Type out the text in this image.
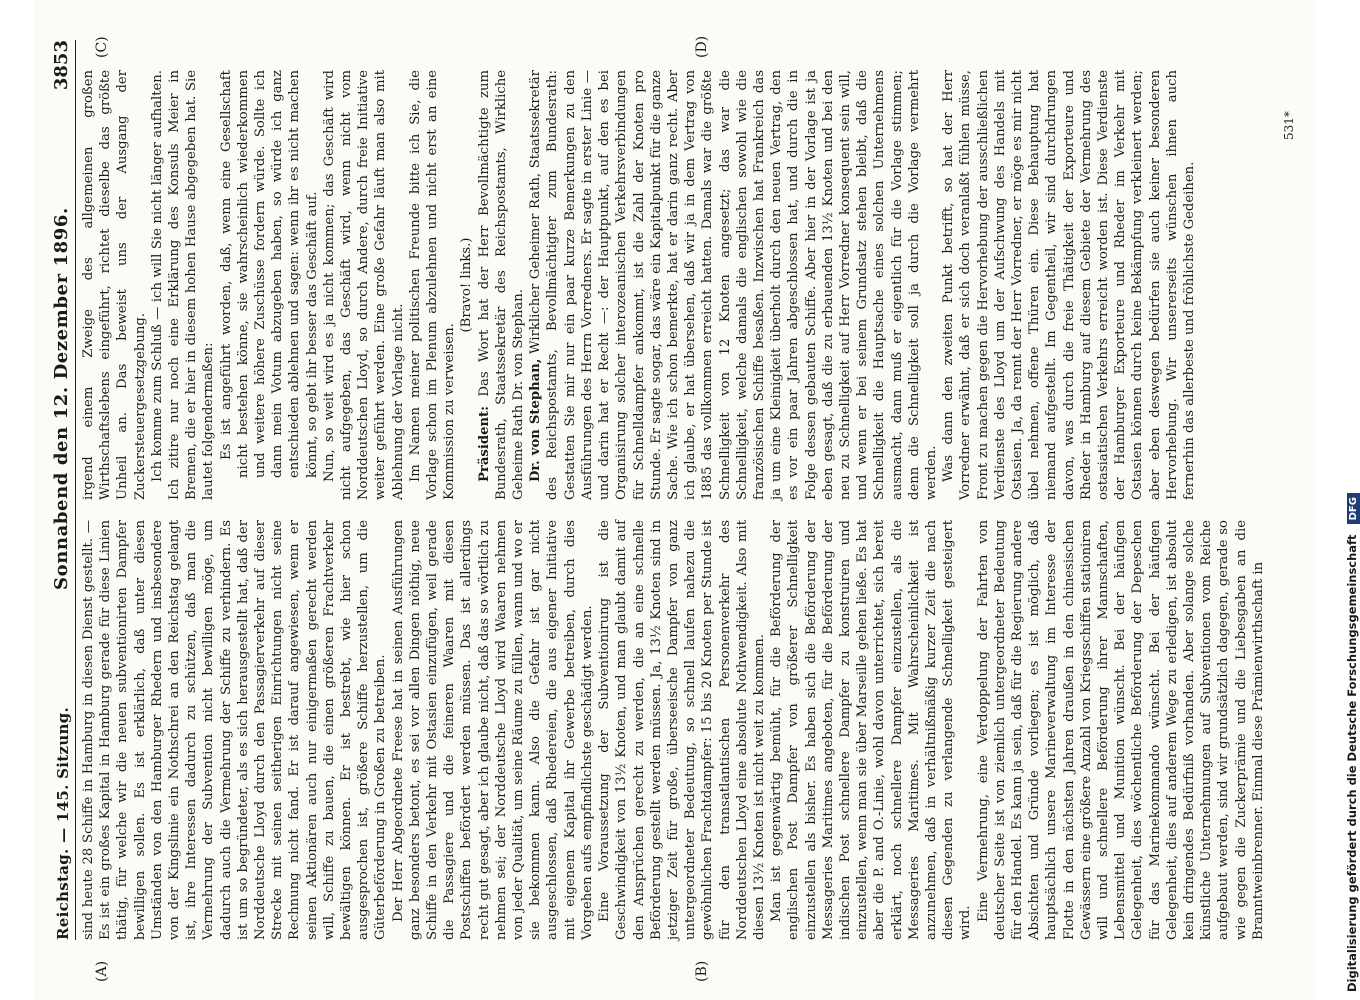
Reichstag. — 145. Sitzung.
Sonnabend den 12. Dezember 1896.
3853
(A)	(B)
(C)	(D)

sind heute 28 Schiffe in Hamburg in diesen Dienst gestellt. — Es ist ein großes Kapital in Hamburg gerade für diese Linien thätig, für welche wir die neuen subventionirten Dampfer bewilligen sollen. Es ist erklärlich, daß unter diesen Umständen von den Hamburger Rhedern und insbesondere von der Kingslinie ein Nothschrei an den Reichstag gelangt ist, ihre Interessen dadurch zu schützen, daß man die Vermehrung der Subvention nicht bewilligen möge, um dadurch auch die Vermehrung der Schiffe zu verhindern. Es ist um so begründeter, als es sich herausgestellt hat, daß der Norddeutsche Lloyd durch den Passagierverkehr auf dieser Strecke mit seinen seitherigen Einrichtungen nicht seine Rechnung nicht fand. Er ist darauf angewiesen, wenn er seinen Aktionären auch nur einigermaßen gerecht werden will, Schiffe zu bauen, die einen größeren Frachtverkehr bewältigen können. Er ist bestrebt, wie hier schon ausgesprochen ist, größere Schiffe herzustellen, um die Güterbeförderung in Großen zu betreiben. Der Herr Abgeordnete Freese hat in seinen Ausführungen ganz besonders betont, es sei vor allen Dingen nöthig, neue Schiffe in den Verkehr mit Ostasien einzufügen, weil gerade die Passagiere und die feineren Waaren mit diesen Postschiffen befördert werden müssen. Das ist allerdings recht gut gesagt, aber ich glaube nicht, daß das so wörtlich zu nehmen sei; der Norddeutsche Lloyd wird Waaren nehmen von jeder Qualität, um seine Räume zu füllen, wann und wo er sie bekommen kann. Also die Gefahr ist gar nicht ausgeschlossen, daß Rhedereien, die aus eigener Initiative mit eigenem Kapital ihr Gewerbe betreiben, durch dies Vorgehen aufs empfindlichste geschädigt werden. Eine Voraussetzung der Subventionirung ist die Geschwindigkeit von 13½ Knoten, und man glaubt damit auf den Ansprüchen gerecht zu werden, die an eine schnelle Beförderung gestellt werden müssen. Ja, 13½ Knoten sind in jetziger Zeit für große, überseeische Dampfer von ganz untergeordneter Bedeutung, so schnell laufen nahezu die gewöhnlichen Frachtdampfer: 15 bis 20 Knoten per Stunde ist für den transatlantischen Personenverkehr des Norddeutschen Lloyd eine absolute Nothwendigkeit. Also mit diesen 13½ Knoten ist nicht weit zu kommen. Man ist gegenwärtig bemüht, für die Beförderung der englischen Post Dampfer von größerer Schnelligkeit einzustellen als bisher. Es haben sich die Beförderung der Messageries Maritimes angeboten, für die Beförderung der indischen Post schnellere Dampfer zu konstruiren und einzustellen, wenn man sie über Marseille gehen ließe. Es hat aber die P. and O.-Linie, wohl davon unterrichtet, sich bereit erklärt, noch schnellere Dampfer einzustellen, als die Messageries Maritimes. Mit Wahrscheinlichkeit ist anzunehmen, daß in verhältnißmäßig kurzer Zeit die nach diesen Gegenden zu verlangende Schnelligkeit gesteigert wird.

Eine Vermehrung, eine Verdoppelung der Fahrten von deutscher Seite ist von ziemlich untergeordneter Bedeutung für den Handel. Es kann ja sein, daß für die Regierung andere Absichten und Gründe vorliegen; es ist möglich, daß hauptsächlich unsere Marineverwaltung im Interesse der Flotte in den nächsten Jahren draußen in den chinesischen Gewässern eine größere Anzahl von Kriegsschiffen stationiren will und schnellere Beförderung ihrer Mannschaften, Lebensmittel und Munition wünscht. Bei der häufigen Gelegenheit, dies wöchentliche Beförderung der Depeschen für das Marinekommando wünscht. Bei der häufigen Gelegenheit, dies auf anderem Wege zu erledigen, ist absolut kein dringendes Bedürfniß vorhanden. Aber solange solche künstliche Unternehmungen auf Subventionen vom Reiche aufgebaut werden, sind wir grundsätzlich dagegen, gerade so wie gegen die Zuckerprämie und die Liebesgaben an die Branntweinbrenner. Einmal diese Prämienwirthschaft in

irgend einem Zweige des allgemeinen großen Wirthschaftslebens eingeführt, richtet dieselbe das größte Unheil an. Das beweist uns der Ausgang der Zuckersteuergesetzgebung. Ich komme zum Schluß — ich will Sie nicht länger aufhalten. Ich zitire nur noch eine Erklärung des Konsuls Meier in Bremen, die er hier in diesem hohen Hause abgegeben hat. Sie lautet folgendermaßen: Es ist angeführt worden, daß, wenn eine Gesellschaft nicht bestehen könne, sie wahrscheinlich wiederkommen und weitere höhere Zuschüsse fordern würde. Sollte ich dann mein Votum abzugeben haben, so würde ich ganz entschieden ablehnen und sagen: wenn ihr es nicht machen könnt, so gebt ihr besser das Geschäft auf. Nun, so weit wird es ja nicht kommen; das Geschäft wird nicht aufgegeben, das Geschäft wird, wenn nicht vom Norddeutschen Lloyd, so durch Andere, durch freie Initiative weiter geführt werden. Eine große Gefahr läuft man also mit Ablehnung der Vorlage nicht. Im Namen meiner politischen Freunde bitte ich Sie, die Vorlage schon im Plenum abzulehnen und nicht erst an eine Kommission zu verweisen.

(Bravo! links.)

Präsident: Das Wort hat der Herr Bevollmächtigte zum Bundesrath, Staatssekretär des Reichspostamts, Wirkliche Geheime Rath Dr. von Stephan. Dr. von Stephan, Wirklicher Geheimer Rath, Staatssekretär des Reichspostamts, Bevollmächtigter zum Bundesrath: Gestatten Sie mir nur ein paar kurze Bemerkungen zu den Ausführungen des Herrn Vorredners. Er sagte in erster Linie — und darin hat er Recht —: der Hauptpunkt, auf den es bei Organisirung solcher interozeanischen Verkehrsverbindungen für Schnelldampfer ankommt, ist die Zahl der Knoten pro Stunde. Er sagte sogar, das wäre ein Kapitalpunkt für die ganze Sache. Wie ich schon bemerkte, hat er darin ganz recht. Aber ich glaube, er hat übersehen, daß wir ja in dem Vertrag von 1885 das vollkommen erreicht hatten. Damals war die größte Schnelligkeit von 12 Knoten angesetzt; das war die Schnelligkeit, welche damals die englischen sowohl wie die französischen Schiffe besaßen. Inzwischen hat Frankreich das ja um eine Kleinigkeit überholt durch den neuen Vertrag, den es vor ein paar Jahren abgeschlossen hat, und durch die in Folge dessen gebauten Schiffe. Aber hier in der Vorlage ist ja eben gesagt, daß die zu erbauenden 13½ Knoten und bei den neu zu Schnelligkeit auf Herr Vorredner konsequent sein will, und wenn er bei seinem Grundsatz stehen bleibt, daß die Schnelligkeit die Hauptsache eines solchen Unternehmens ausmacht, dann muß er eigentlich für die Vorlage stimmen; denn die Schnelligkeit soll ja durch die Vorlage vermehrt werden. Was dann den zweiten Punkt betrifft, so hat der Herr Vorredner erwähnt, daß er sich doch veranlaßt fühlen müsse, Front zu machen gegen die Hervorhebung der ausschließlichen Verdienste des Lloyd um der Aufschwung des Handels mit Ostasien. Ja, da rennt der Herr Vorredner, er möge es mir nicht übel nehmen, offene Thüren ein. Diese Behauptung hat niemand aufgestellt. Im Gegentheil, wir sind durchdrungen davon, was durch die freie Thätigkeit der Exporteure und Rheder in Hamburg auf diesem Gebiete der Vermehrung des ostasiatischen Verkehrs erreicht worden ist. Diese Verdienste der Hamburger Exporteure und Rheder im Verkehr mit Ostasien können durch keine Bekämpfung verkleinert werden; aber eben deswegen bedürfen sie auch keiner besonderen Hervorhebung. Wir unsererseits wünschen ihnen auch fernerhin das allerbeste und fröhlichste Gedeihen.

531*
Digitalisierung gefördert durch die Deutsche Forschungsgemeinschaft DFG
